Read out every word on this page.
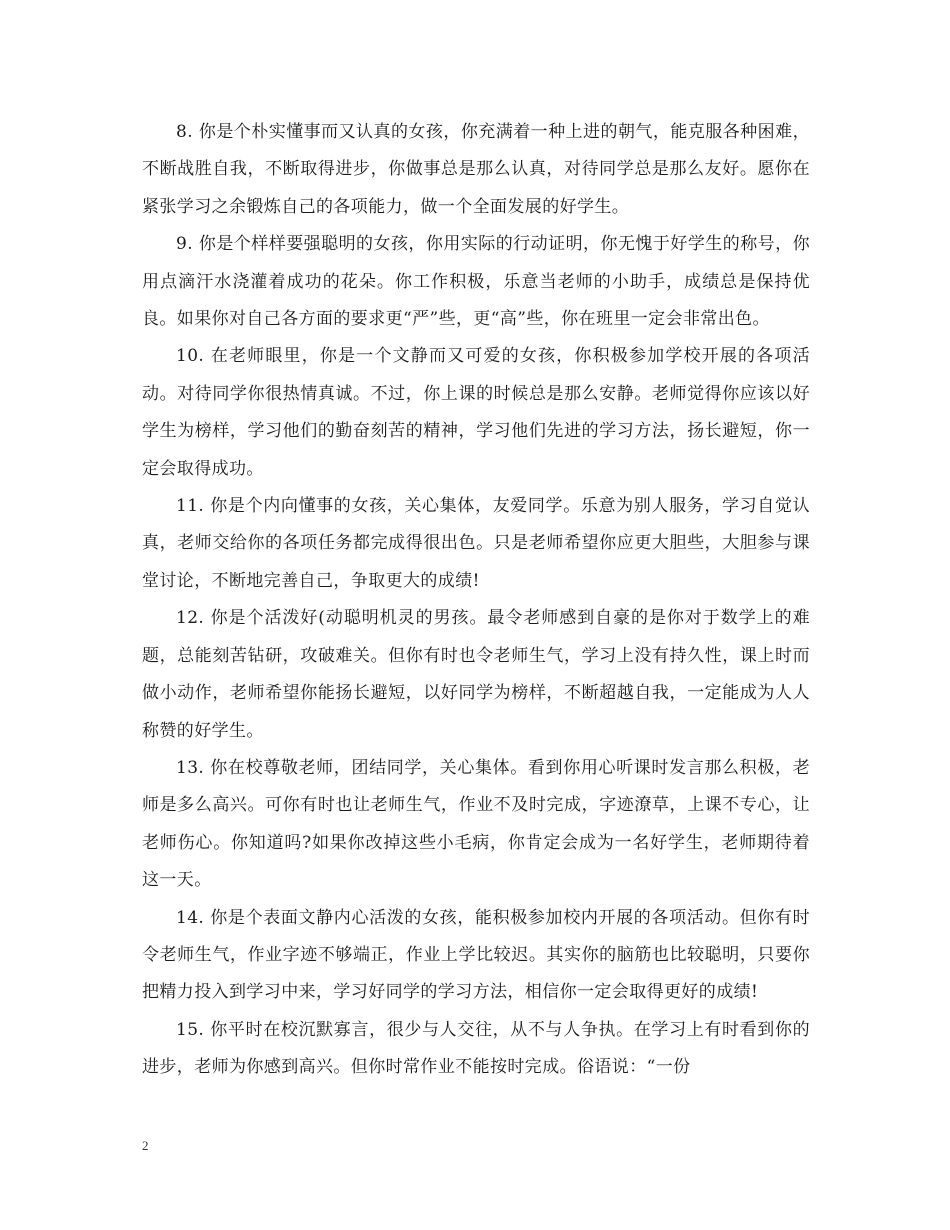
8. 你是个朴实懂事而又认真的女孩，你充满着一种上进的朝气，能克服各种困难，不断战胜自我，不断取得进步，你做事总是那么认真，对待同学总是那么友好。愿你在紧张学习之余锻炼自己的各项能力，做一个全面发展的好学生。

9. 你是个样样要强聪明的女孩，你用实际的行动证明，你无愧于好学生的称号，你用点滴汗水浇灌着成功的花朵。你工作积极，乐意当老师的小助手，成绩总是保持优良。如果你对自己各方面的要求更“严”些，更“高”些，你在班里一定会非常出色。

10. 在老师眼里，你是一个文静而又可爱的女孩，你积极参加学校开展的各项活动。对待同学你很热情真诚。不过，你上课的时候总是那么安静。老师觉得你应该以好学生为榜样，学习他们的勤奋刻苦的精神，学习他们先进的学习方法，扬长避短，你一定会取得成功。

11. 你是个内向懂事的女孩，关心集体，友爱同学。乐意为别人服务，学习自觉认真，老师交给你的各项任务都完成得很出色。只是老师希望你应更大胆些，大胆参与课堂讨论，不断地完善自己，争取更大的成绩!

12. 你是个活泼好(动聪明机灵的男孩。最令老师感到自豪的是你对于数学上的难题，总能刻苦钻研，攻破难关。但你有时也令老师生气，学习上没有持久性，课上时而做小动作，老师希望你能扬长避短，以好同学为榜样，不断超越自我，一定能成为人人称赞的好学生。

13. 你在校尊敬老师，团结同学，关心集体。看到你用心听课时发言那么积极，老师是多么高兴。可你有时也让老师生气，作业不及时完成，字迹潦草，上课不专心，让老师伤心。你知道吗?如果你改掉这些小毛病，你肯定会成为一名好学生，老师期待着这一天。

14. 你是个表面文静内心活泼的女孩，能积极参加校内开展的各项活动。但你有时令老师生气，作业字迹不够端正，作业上学比较迟。其实你的脑筋也比较聪明，只要你把精力投入到学习中来，学习好同学的学习方法，相信你一定会取得更好的成绩!

15. 你平时在校沉默寡言，很少与人交往，从不与人争执。在学习上有时看到你的进步，老师为你感到高兴。但你时常作业不能按时完成。俗语说：“一份

2
